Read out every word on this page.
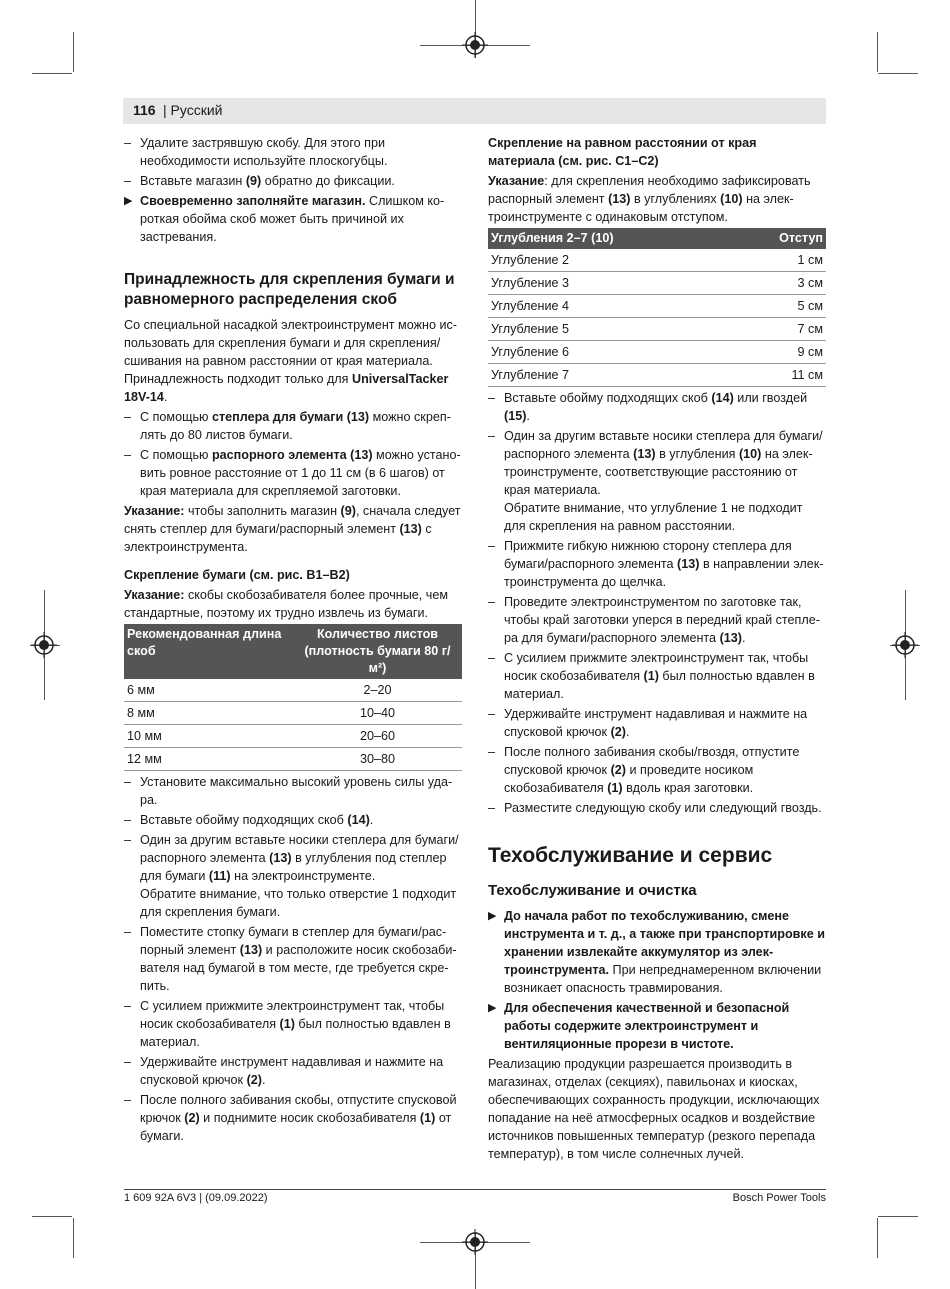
116 | Русский
– Удалите застрявшую скобу. Для этого при необходимости используйте плоскогубцы.
– Вставьте магазин (9) обратно до фиксации.
▶ Своевременно заполняйте магазин. Слишком короткая обойма скоб может быть причиной их застревания.
Принадлежность для скрепления бумаги и равномерного распределения скоб

Со специальной насадкой электроинструмент можно использовать для скрепления бумаги и для скрепления/сшивания на равном расстоянии от края материала. Принадлежность подходит только для UniversalTacker 18V-14.

– С помощью степлера для бумаги (13) можно скреплять до 80 листов бумаги.
– С помощью распорного элемента (13) можно установить ровное расстояние от 1 до 11 см (в 6 шагов) от края материала для скрепляемой заготовки.

Указание: чтобы заполнить магазин (9), сначала следует снять степлер для бумаги/распорный элемент (13) с электроинструмента.

Скрепление бумаги (см. рис. B1–B2)

Указание: скобы скобозабивателя более прочные, чем стандартные, поэтому их трудно извлечь из бумаги.

Рекомендованная длина скоб	Количество листов (плотность бумаги 80 г/м²)
6 мм	2–20
8 мм	10–40
10 мм	20–60
12 мм	30–80
– Установите максимально высокий уровень силы удара.
– Вставьте обойму подходящих скоб (14).
– Один за другим вставьте носики степлера для бумаги/распорного элемента (13) в углубления под степлер для бумаги (11) на электроинструменте.
Обратите внимание, что только отверстие 1 подходит для скрепления бумаги.
– Поместите стопку бумаги в степлер для бумаги/распорный элемент (13) и расположите носик скобозабивателя над бумагой в том месте, где требуется скрепить.
– С усилием прижмите электроинструмент так, чтобы носик скобозабивателя (1) был полностью вдавлен в материал.
– Удерживайте инструмент надавливая и нажмите на спусковой крючок (2).
– После полного забивания скобы, отпустите спусковой крючок (2) и поднимите носик скобозабивателя (1) от бумаги.
Скрепление на равном расстоянии от края материала (см. рис. C1–C2)

Указание: для скрепления необходимо зафиксировать распорный элемент (13) в углублениях (10) на электроинструменте с одинаковым отступом.

Углубления 2–7 (10)	Отступ
Углубление 2	1 см
Углубление 3	3 см
Углубление 4	5 см
Углубление 5	7 см
Углубление 6	9 см
Углубление 7	11 см
– Вставьте обойму подходящих скоб (14) или гвоздей (15).
– Один за другим вставьте носики степлера для бумаги/распорного элемента (13) в углубления (10) на электроинструменте, соответствующие расстоянию от края материала.
Обратите внимание, что углубление 1 не подходит для скрепления на равном расстоянии.
– Прижмите гибкую нижнюю сторону степлера для бумаги/распорного элемента (13) в направлении электроинструмента до щелчка.
– Проведите электроинструментом по заготовке так, чтобы край заготовки уперся в передний край степлера для бумаги/распорного элемента (13).
– С усилием прижмите электроинструмент так, чтобы носик скобозабивателя (1) был полностью вдавлен в материал.
– Удерживайте инструмент надавливая и нажмите на спусковой крючок (2).
– После полного забивания скобы/гвоздя, отпустите спусковой крючок (2) и проведите носиком скобозабивателя (1) вдоль края заготовки.
– Разместите следующую скобу или следующий гвоздь.
Техобслуживание и сервис
Техобслуживание и очистка
▶ До начала работ по техобслуживанию, смене инструмента и т. д., а также при транспортировке и хранении извлекайте аккумулятор из электроинструмента. При непреднамеренном включении возникает опасность травмирования.
▶ Для обеспечения качественной и безопасной работы содержите электроинструмент и вентиляционные прорези в чистоте.

Реализацию продукции разрешается производить в магазинах, отделах (секциях), павильонах и киосках, обеспечивающих сохранность продукции, исключающих попадание на неё атмосферных осадков и воздействие источников повышенных температур (резкого перепада температур), в том числе солнечных лучей.

1 609 92A 6V3 | (09.09.2022)	Bosch Power Tools
